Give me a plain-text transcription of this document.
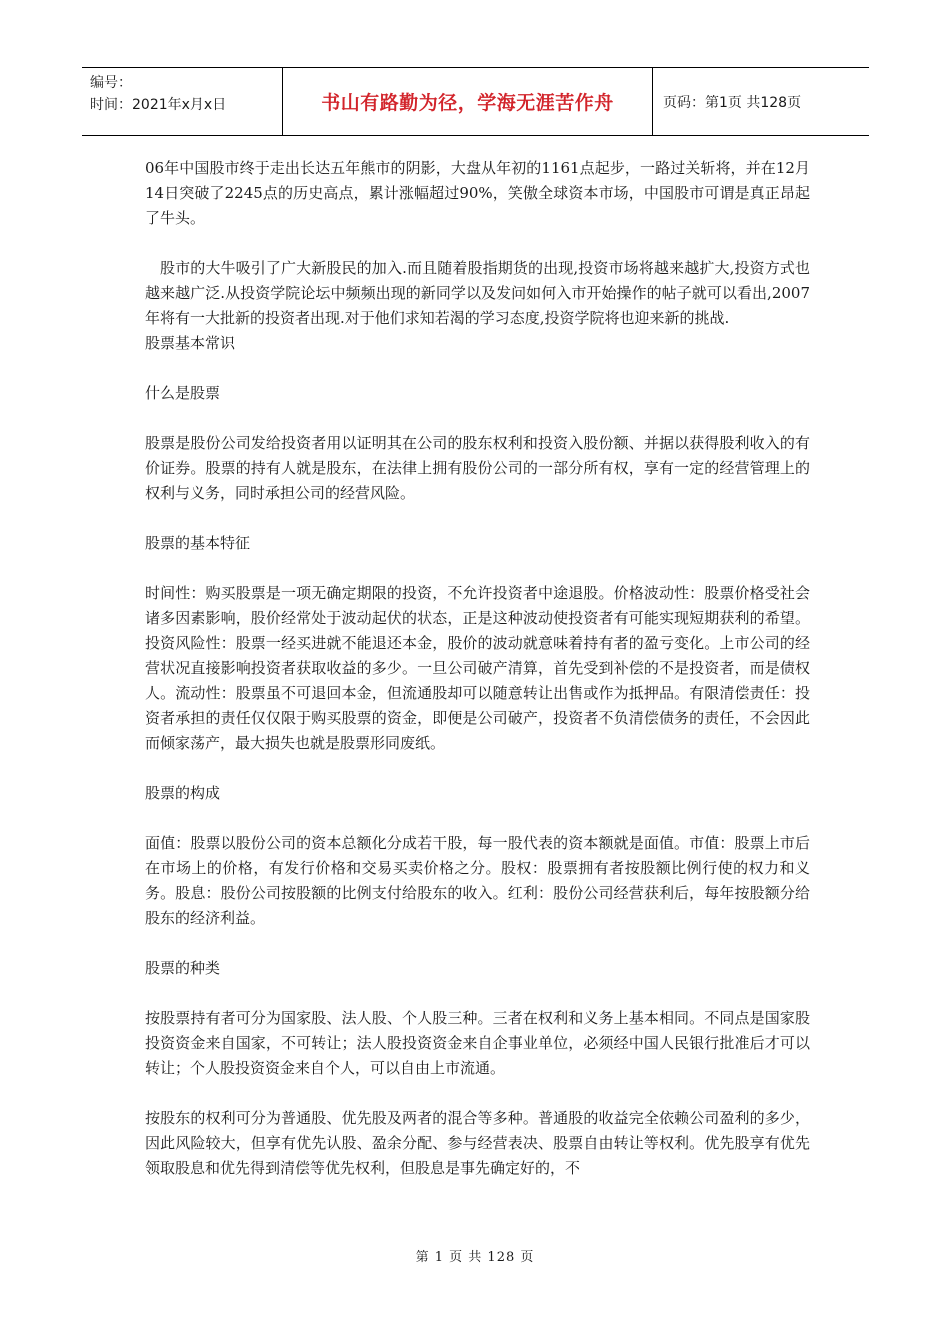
编号：
时间：2021年x月x日	书山有路勤为径，学海无涯苦作舟	页码：第1页 共128页

06年中国股市终于走出长达五年熊市的阴影，大盘从年初的1161点起步，一路过关斩将，并在12月14日突破了2245点的历史高点，累计涨幅超过90%，笑傲全球资本市场，中国股市可谓是真正昂起了牛头。

股市的大牛吸引了广大新股民的加入.而且随着股指期货的出现,投资市场将越来越扩大,投资方式也越来越广泛.从投资学院论坛中频频出现的新同学以及发问如何入市开始操作的帖子就可以看出,2007年将有一大批新的投资者出现.对于他们求知若渴的学习态度,投资学院将也迎来新的挑战.

股票基本常识

什么是股票

股票是股份公司发给投资者用以证明其在公司的股东权利和投资入股份额、并据以获得股利收入的有价证券。股票的持有人就是股东，在法律上拥有股份公司的一部分所有权，享有一定的经营管理上的权利与义务，同时承担公司的经营风险。

股票的基本特征

时间性：购买股票是一项无确定期限的投资，不允许投资者中途退股。价格波动性：股票价格受社会诸多因素影响，股价经常处于波动起伏的状态，正是这种波动使投资者有可能实现短期获利的希望。投资风险性：股票一经买进就不能退还本金，股价的波动就意味着持有者的盈亏变化。上市公司的经营状况直接影响投资者获取收益的多少。一旦公司破产清算，首先受到补偿的不是投资者，而是债权人。流动性：股票虽不可退回本金，但流通股却可以随意转让出售或作为抵押品。有限清偿责任：投资者承担的责任仅仅限于购买股票的资金，即便是公司破产，投资者不负清偿债务的责任，不会因此而倾家荡产，最大损失也就是股票形同废纸。

股票的构成

面值：股票以股份公司的资本总额化分成若干股，每一股代表的资本额就是面值。市值：股票上市后在市场上的价格，有发行价格和交易买卖价格之分。股权：股票拥有者按股额比例行使的权力和义务。股息：股份公司按股额的比例支付给股东的收入。红利：股份公司经营获利后，每年按股额分给股东的经济利益。

股票的种类

按股票持有者可分为国家股、法人股、个人股三种。三者在权利和义务上基本相同。不同点是国家股投资资金来自国家，不可转让；法人股投资资金来自企事业单位，必须经中国人民银行批准后才可以转让；个人股投资资金来自个人，可以自由上市流通。

按股东的权利可分为普通股、优先股及两者的混合等多种。普通股的收益完全依赖公司盈利的多少，因此风险较大，但享有优先认股、盈余分配、参与经营表决、股票自由转让等权利。优先股享有优先领取股息和优先得到清偿等优先权利，但股息是事先确定好的，不

第 1 页 共 128 页
